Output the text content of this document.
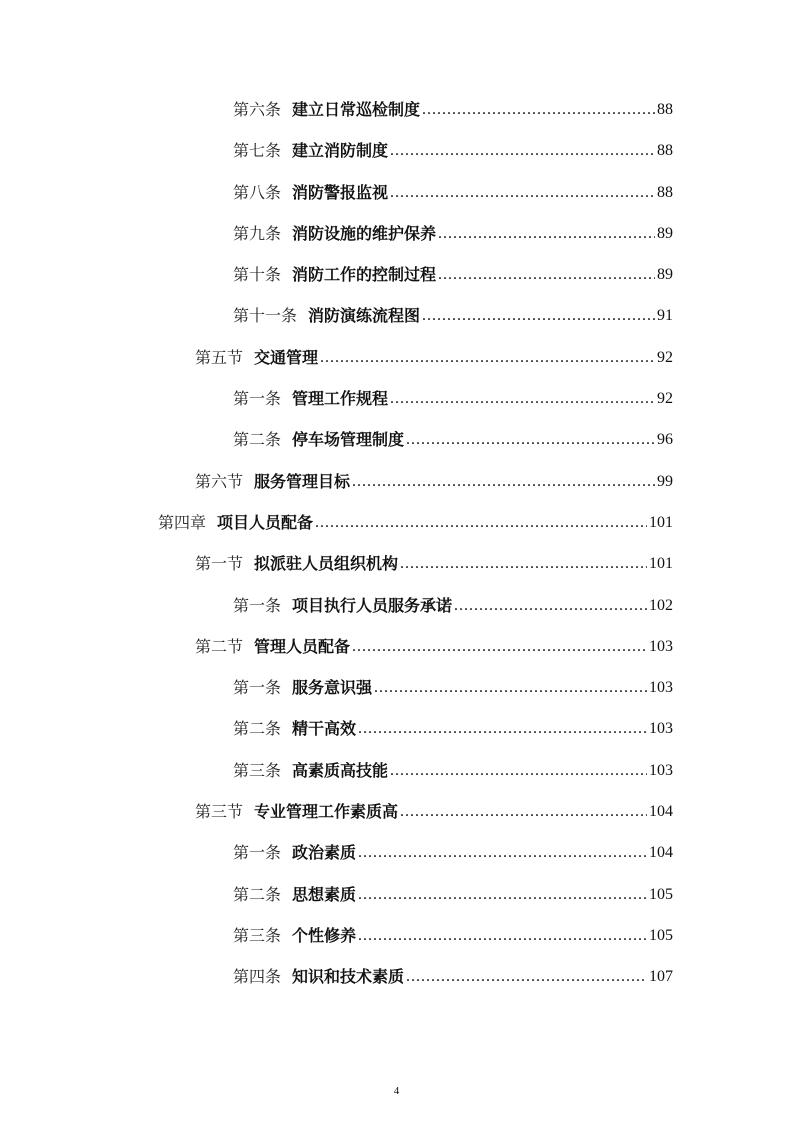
第六条 建立日常巡检制度 .....	88
第七条 建立消防制度 .....	88
第八条 消防警报监视 .....	88
第九条 消防设施的维护保养 .....	89
第十条 消防工作的控制过程 .....	89
第十一条 消防演练流程图 .....	91
第五节 交通管理 .....	92
第一条 管理工作规程 .....	92
第二条 停车场管理制度 .....	96
第六节 服务管理目标 .....	99
第四章 项目人员配备 .....	101
第一节 拟派驻人员组织机构 .....	101
第一条 项目执行人员服务承诺 .....	102
第二节 管理人员配备 .....	103
第一条 服务意识强 .....	103
第二条 精干高效 .....	103
第三条 高素质高技能 .....	103
第三节 专业管理工作素质高 .....	104
第一条 政治素质 .....	104
第二条 思想素质 .....	105
第三条 个性修养 .....	105
第四条 知识和技术素质 .....	107
4
